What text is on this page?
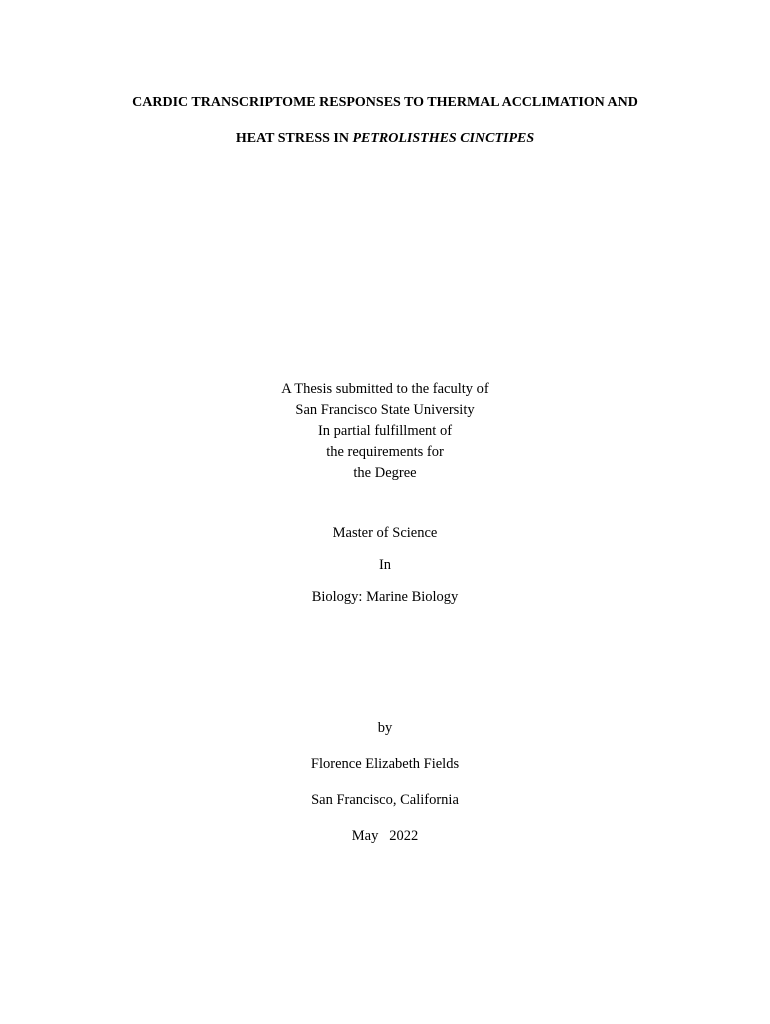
CARDIC TRANSCRIPTOME RESPONSES TO THERMAL ACCLIMATION AND
HEAT STRESS IN PETROLISTHES CINCTIPES
A Thesis submitted to the faculty of
San Francisco State University
In partial fulfillment of
the requirements for
the Degree
Master of Science
In
Biology: Marine Biology
by
Florence Elizabeth Fields
San Francisco, California
May   2022
